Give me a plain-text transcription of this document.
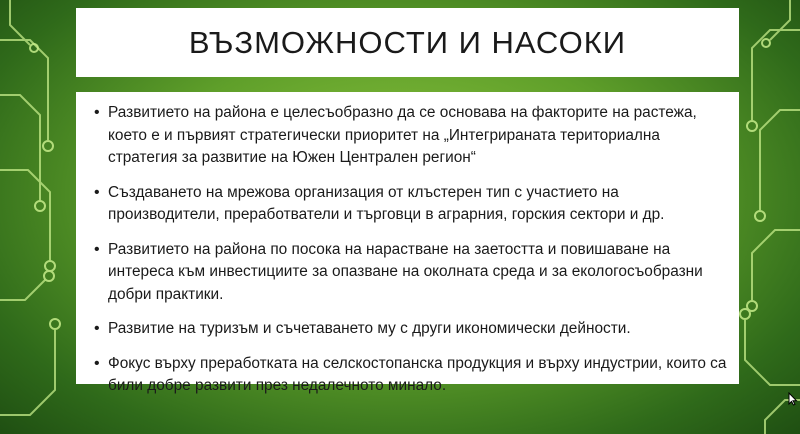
ВЪЗМОЖНОСТИ И НАСОКИ
• Развитието на района е целесъобразно да се основава на факторите на растежа, което е и първият стратегически приоритет на „Интегрираната териториална стратегия за развитие на Южен Централен регион“
• Създаването на мрежова организация от клъстерен тип с участието на производители, преработватели и търговци в аграрния, горския сектори и др.
• Развитието на района по посока на нарастване на заетостта и повишаване на интереса към инвестициите за опазване на околната среда и за екологосъобразни добри практики.
• Развитие на туризъм и съчетаването му с други икономически дейности.
• Фокус върху преработката на селскостопанска продукция и върху индустрии, които са били добре развити през недалечното минало.
